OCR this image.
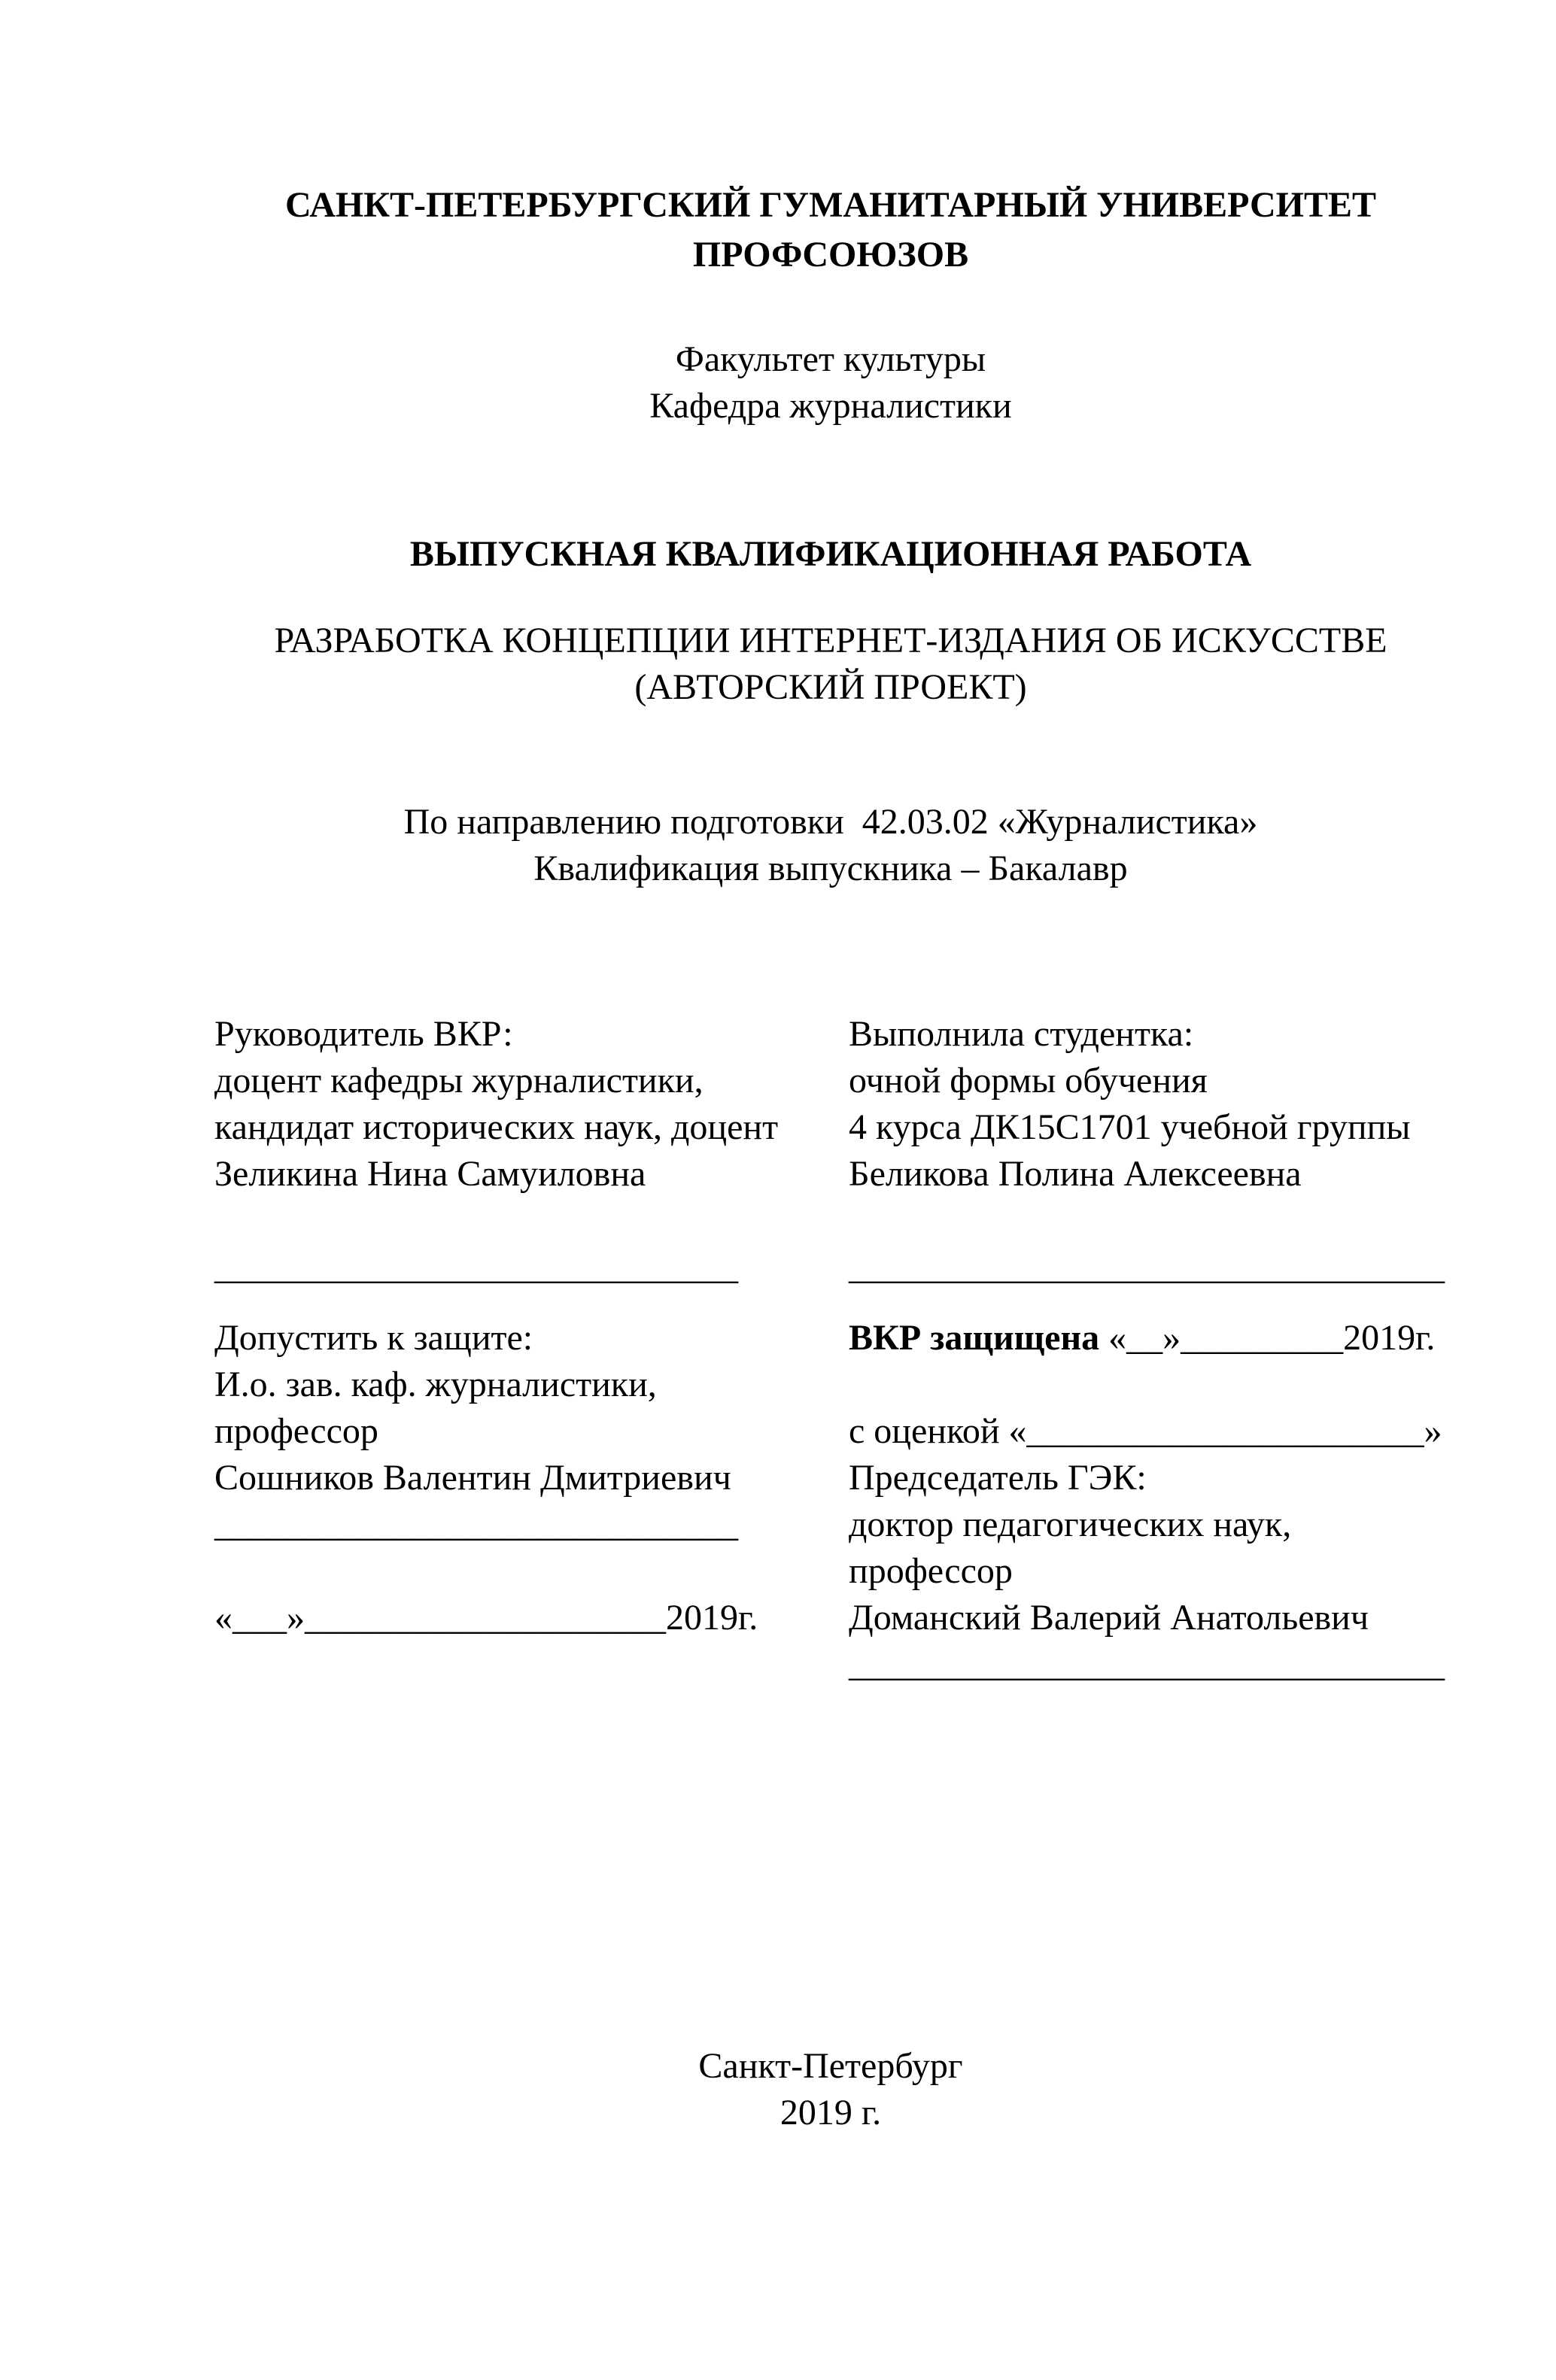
САНКТ-ПЕТЕРБУРГСКИЙ ГУМАНИТАРНЫЙ УНИВЕРСИТЕТ
ПРОФСОЮЗОВ
Факультет культуры
Кафедра журналистики
ВЫПУСКНАЯ КВАЛИФИКАЦИОННАЯ РАБОТА
РАЗРАБОТКА КОНЦЕПЦИИ ИНТЕРНЕТ-ИЗДАНИЯ ОБ ИСКУССТВЕ
(АВТОРСКИЙ ПРОЕКТ)
По направлению подготовки  42.03.02 «Журналистика»
Квалификация выпускника – Бакалавр
Руководитель ВКР:
доцент кафедры журналистики,
кандидат исторических наук, доцент
Зеликина Нина Самуиловна
Выполнила студентка:
очной формы обучения
4 курса ДК15С1701 учебной группы
Беликова Полина Алексеевна
_____________________________	_________________________________
Допустить к защите:
И.о. зав. каф. журналистики,
профессор
Сошников Валентин Дмитриевич
_____________________________
«___»____________________2019г.
ВКР защищена «__»_________2019г.
с оценкой «______________________»
Председатель ГЭК:
доктор педагогических наук,
профессор
Доманский Валерий Анатольевич
_________________________________
Санкт-Петербург
2019 г.
